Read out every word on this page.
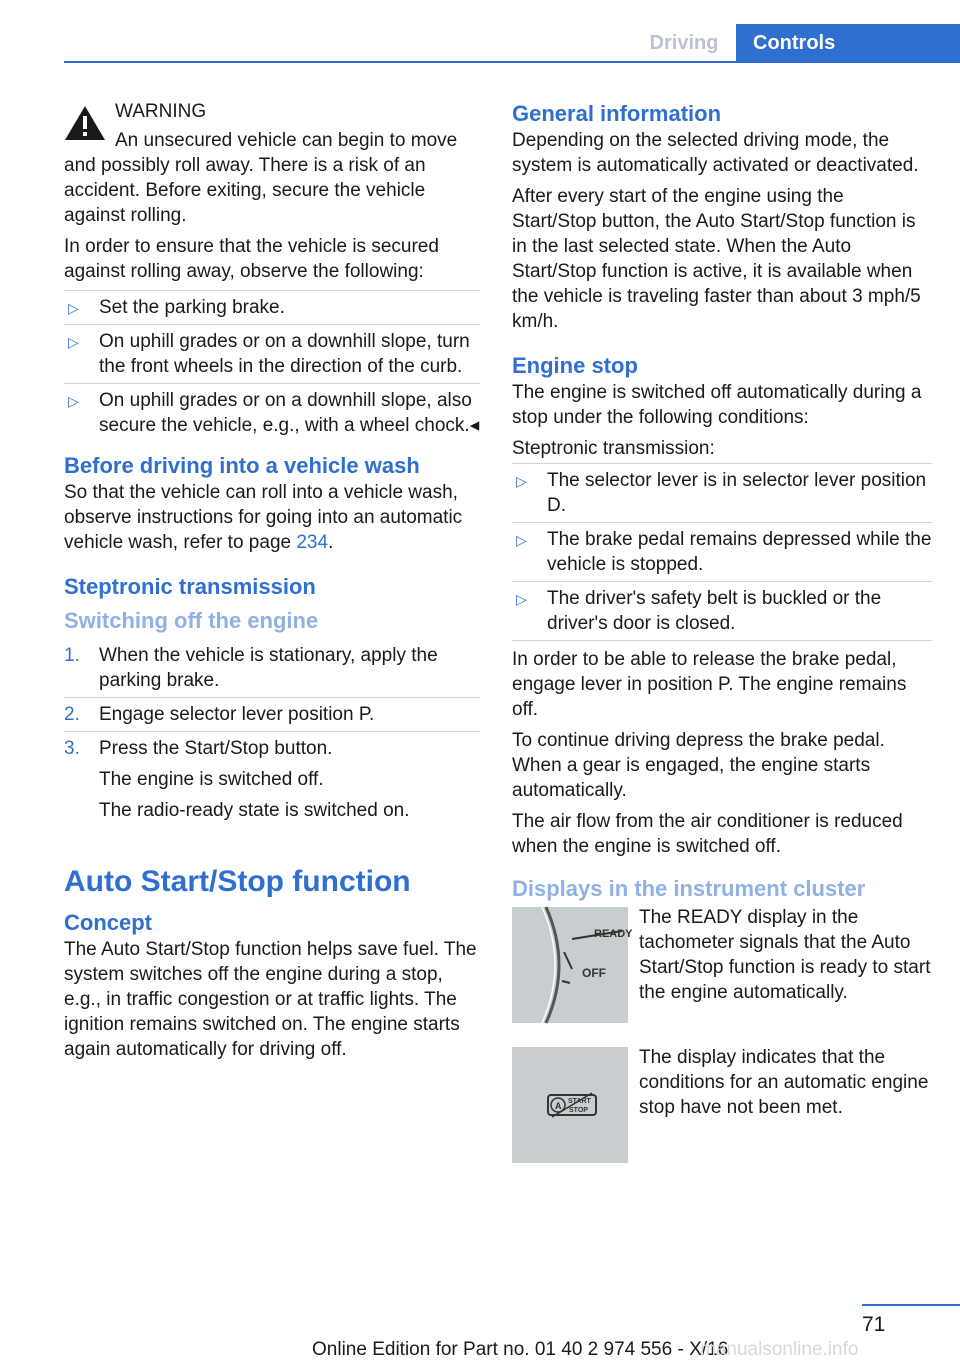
Driving	Controls

WARNING

An unsecured vehicle can begin to move and possibly roll away. There is a risk of an accident. Before exiting, secure the vehicle against rolling.

In order to ensure that the vehicle is secured against rolling away, observe the following:

▷ Set the parking brake.
▷ On uphill grades or on a downhill slope, turn the front wheels in the direction of the curb.
▷ On uphill grades or on a downhill slope, also secure the vehicle, e.g., with a wheel chock.◂
Before driving into a vehicle wash

So that the vehicle can roll into a vehicle wash, observe instructions for going into an automatic vehicle wash, refer to page 234.

Steptronic transmission
Switching off the engine
1. When the vehicle is stationary, apply the parking brake.
2. Engage selector lever position P.
3. Press the Start/Stop button.
The engine is switched off.
The radio-ready state is switched on.
Auto Start/Stop function
Concept

The Auto Start/Stop function helps save fuel. The system switches off the engine during a stop, e.g., in traffic congestion or at traffic lights. The ignition remains switched on. The engine starts again automatically for driving off.

General information

Depending on the selected driving mode, the system is automatically activated or deactivated.

After every start of the engine using the Start/Stop button, the Auto Start/Stop function is in the last selected state. When the Auto Start/Stop function is active, it is available when the vehicle is traveling faster than about 3 mph/5 km/h.

Engine stop

The engine is switched off automatically during a stop under the following conditions:

Steptronic transmission:

▷ The selector lever is in selector lever position D.
▷ The brake pedal remains depressed while the vehicle is stopped.
▷ The driver's safety belt is buckled or the driver's door is closed.

In order to be able to release the brake pedal, engage lever in position P. The engine remains off.

To continue driving depress the brake pedal. When a gear is engaged, the engine starts automatically.

The air flow from the air conditioner is reduced when the engine is switched off.

Displays in the instrument cluster
READY
OFF
The READY display in the tachometer signals that the Auto Start/Stop function is ready to start the engine automatically.
A START
STOP
The display indicates that the conditions for an automatic engine stop have not been met.
71
Online Edition for Part no. 01 40 2 974 556 - X/16
manualsonline.info
